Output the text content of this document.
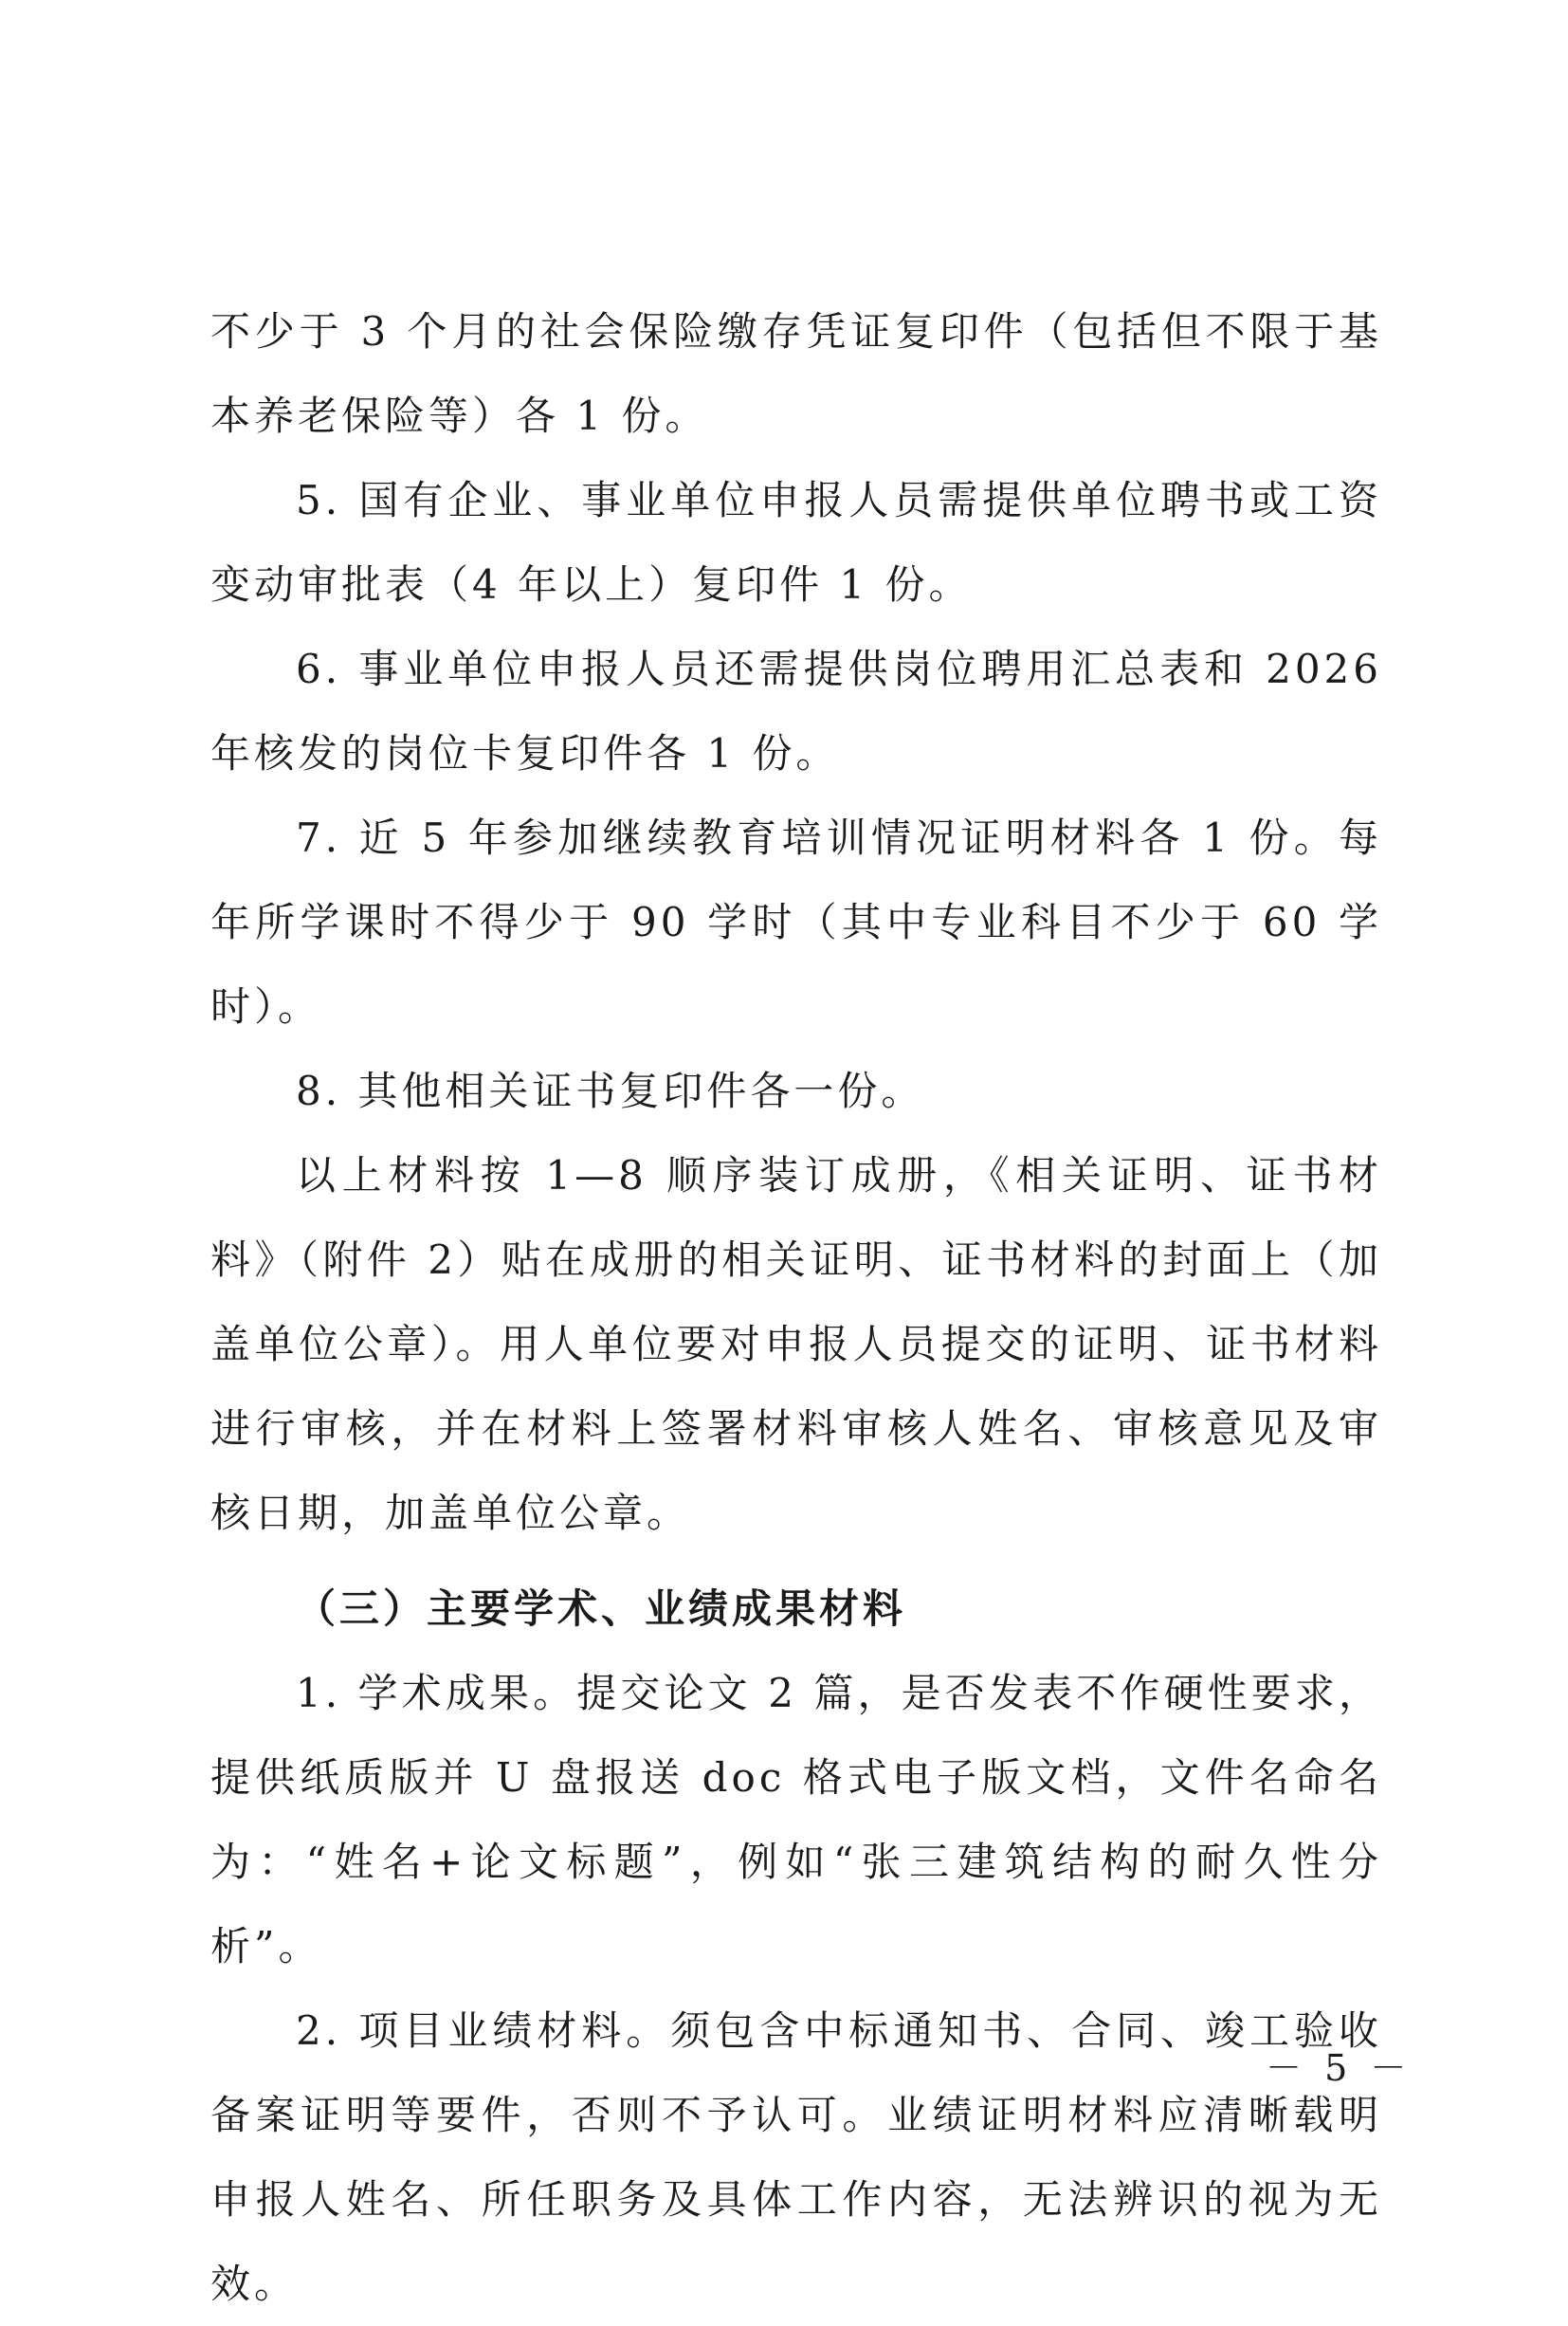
不少于 3 个月的社会保险缴存凭证复印件（包括但不限于基本养老保险等）各 1 份。

5. 国有企业、事业单位申报人员需提供单位聘书或工资变动审批表（4 年以上）复印件 1 份。

6. 事业单位申报人员还需提供岗位聘用汇总表和 2026 年核发的岗位卡复印件各 1 份。

7. 近 5 年参加继续教育培训情况证明材料各 1 份。每年所学课时不得少于 90 学时（其中专业科目不少于 60 学时）。

8. 其他相关证书复印件各一份。

以上材料按 1—8 顺序装订成册，《相关证明、证书材料》（附件 2）贴在成册的相关证明、证书材料的封面上（加盖单位公章）。用人单位要对申报人员提交的证明、证书材料进行审核，并在材料上签署材料审核人姓名、审核意见及审核日期，加盖单位公章。

（三）主要学术、业绩成果材料

1. 学术成果。提交论文 2 篇，是否发表不作硬性要求，提供纸质版并 U 盘报送 doc 格式电子版文档，文件名命名为：“姓名+论文标题”，例如“张三建筑结构的耐久性分析”。

2. 项目业绩材料。须包含中标通知书、合同、竣工验收备案证明等要件，否则不予认可。业绩证明材料应清晰载明申报人姓名、所任职务及具体工作内容，无法辨识的视为无效。

－ 5 －
